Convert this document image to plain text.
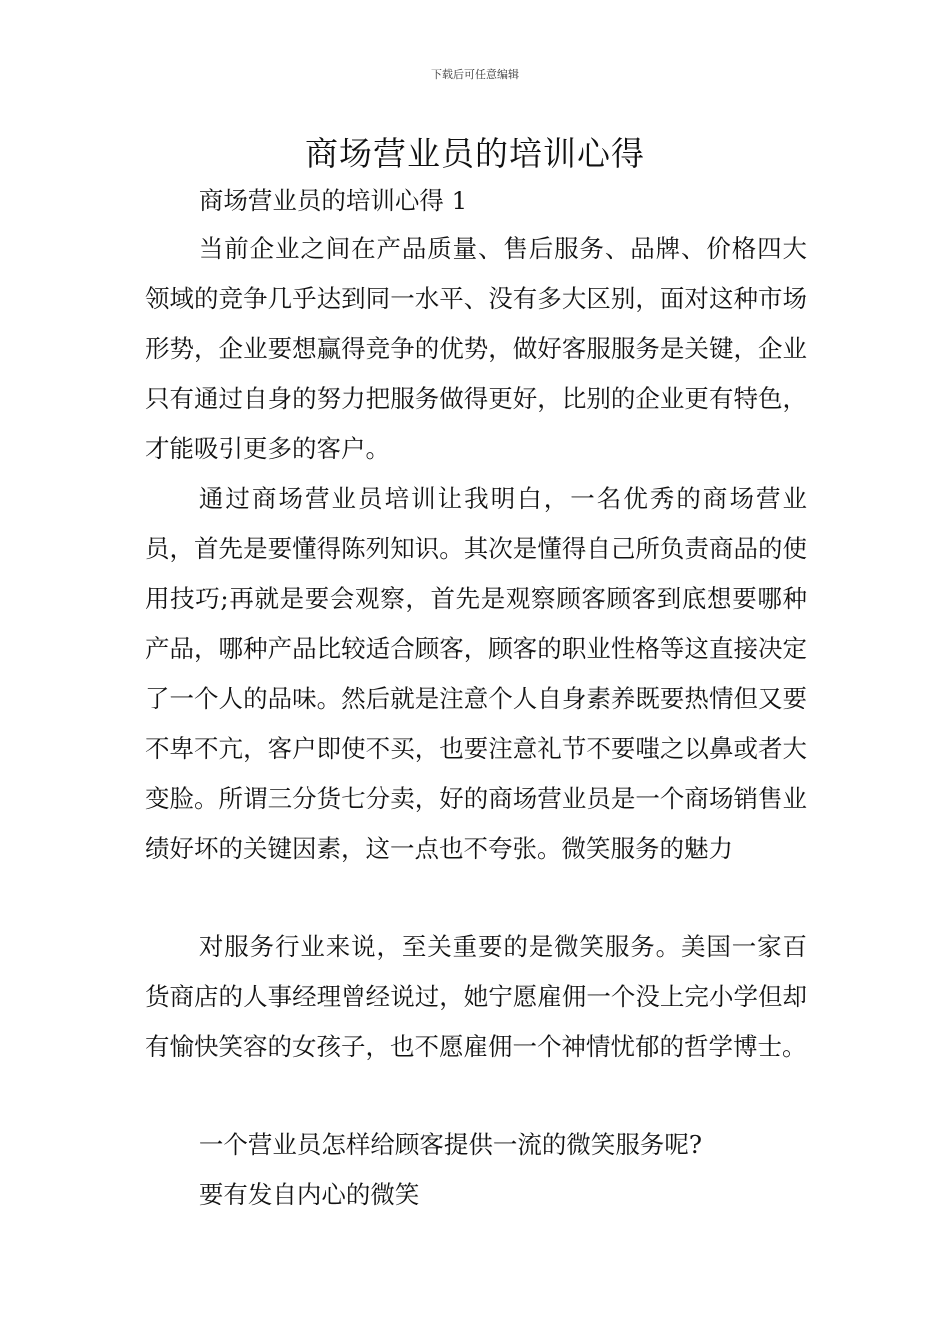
下载后可任意编辑
商场营业员的培训心得

商场营业员的培训心得 1

当前企业之间在产品质量、售后服务、品牌、价格四大领域的竞争几乎达到同一水平、没有多大区别，面对这种市场形势，企业要想赢得竞争的优势，做好客服服务是关键，企业只有通过自身的努力把服务做得更好，比别的企业更有特色，才能吸引更多的客户。

通过商场营业员培训让我明白，一名优秀的商场营业员，首先是要懂得陈列知识。其次是懂得自己所负责商品的使用技巧;再就是要会观察，首先是观察顾客顾客到底想要哪种产品，哪种产品比较适合顾客，顾客的职业性格等这直接决定了一个人的品味。然后就是注意个人自身素养既要热情但又要不卑不亢，客户即使不买，也要注意礼节不要嗤之以鼻或者大变脸。所谓三分货七分卖，好的商场营业员是一个商场销售业绩好坏的关键因素，这一点也不夸张。微笑服务的魅力

对服务行业来说，至关重要的是微笑服务。美国一家百货商店的人事经理曾经说过，她宁愿雇佣一个没上完小学但却有愉快笑容的女孩子，也不愿雇佣一个神情忧郁的哲学博士。

一个营业员怎样给顾客提供一流的微笑服务呢?

要有发自内心的微笑
